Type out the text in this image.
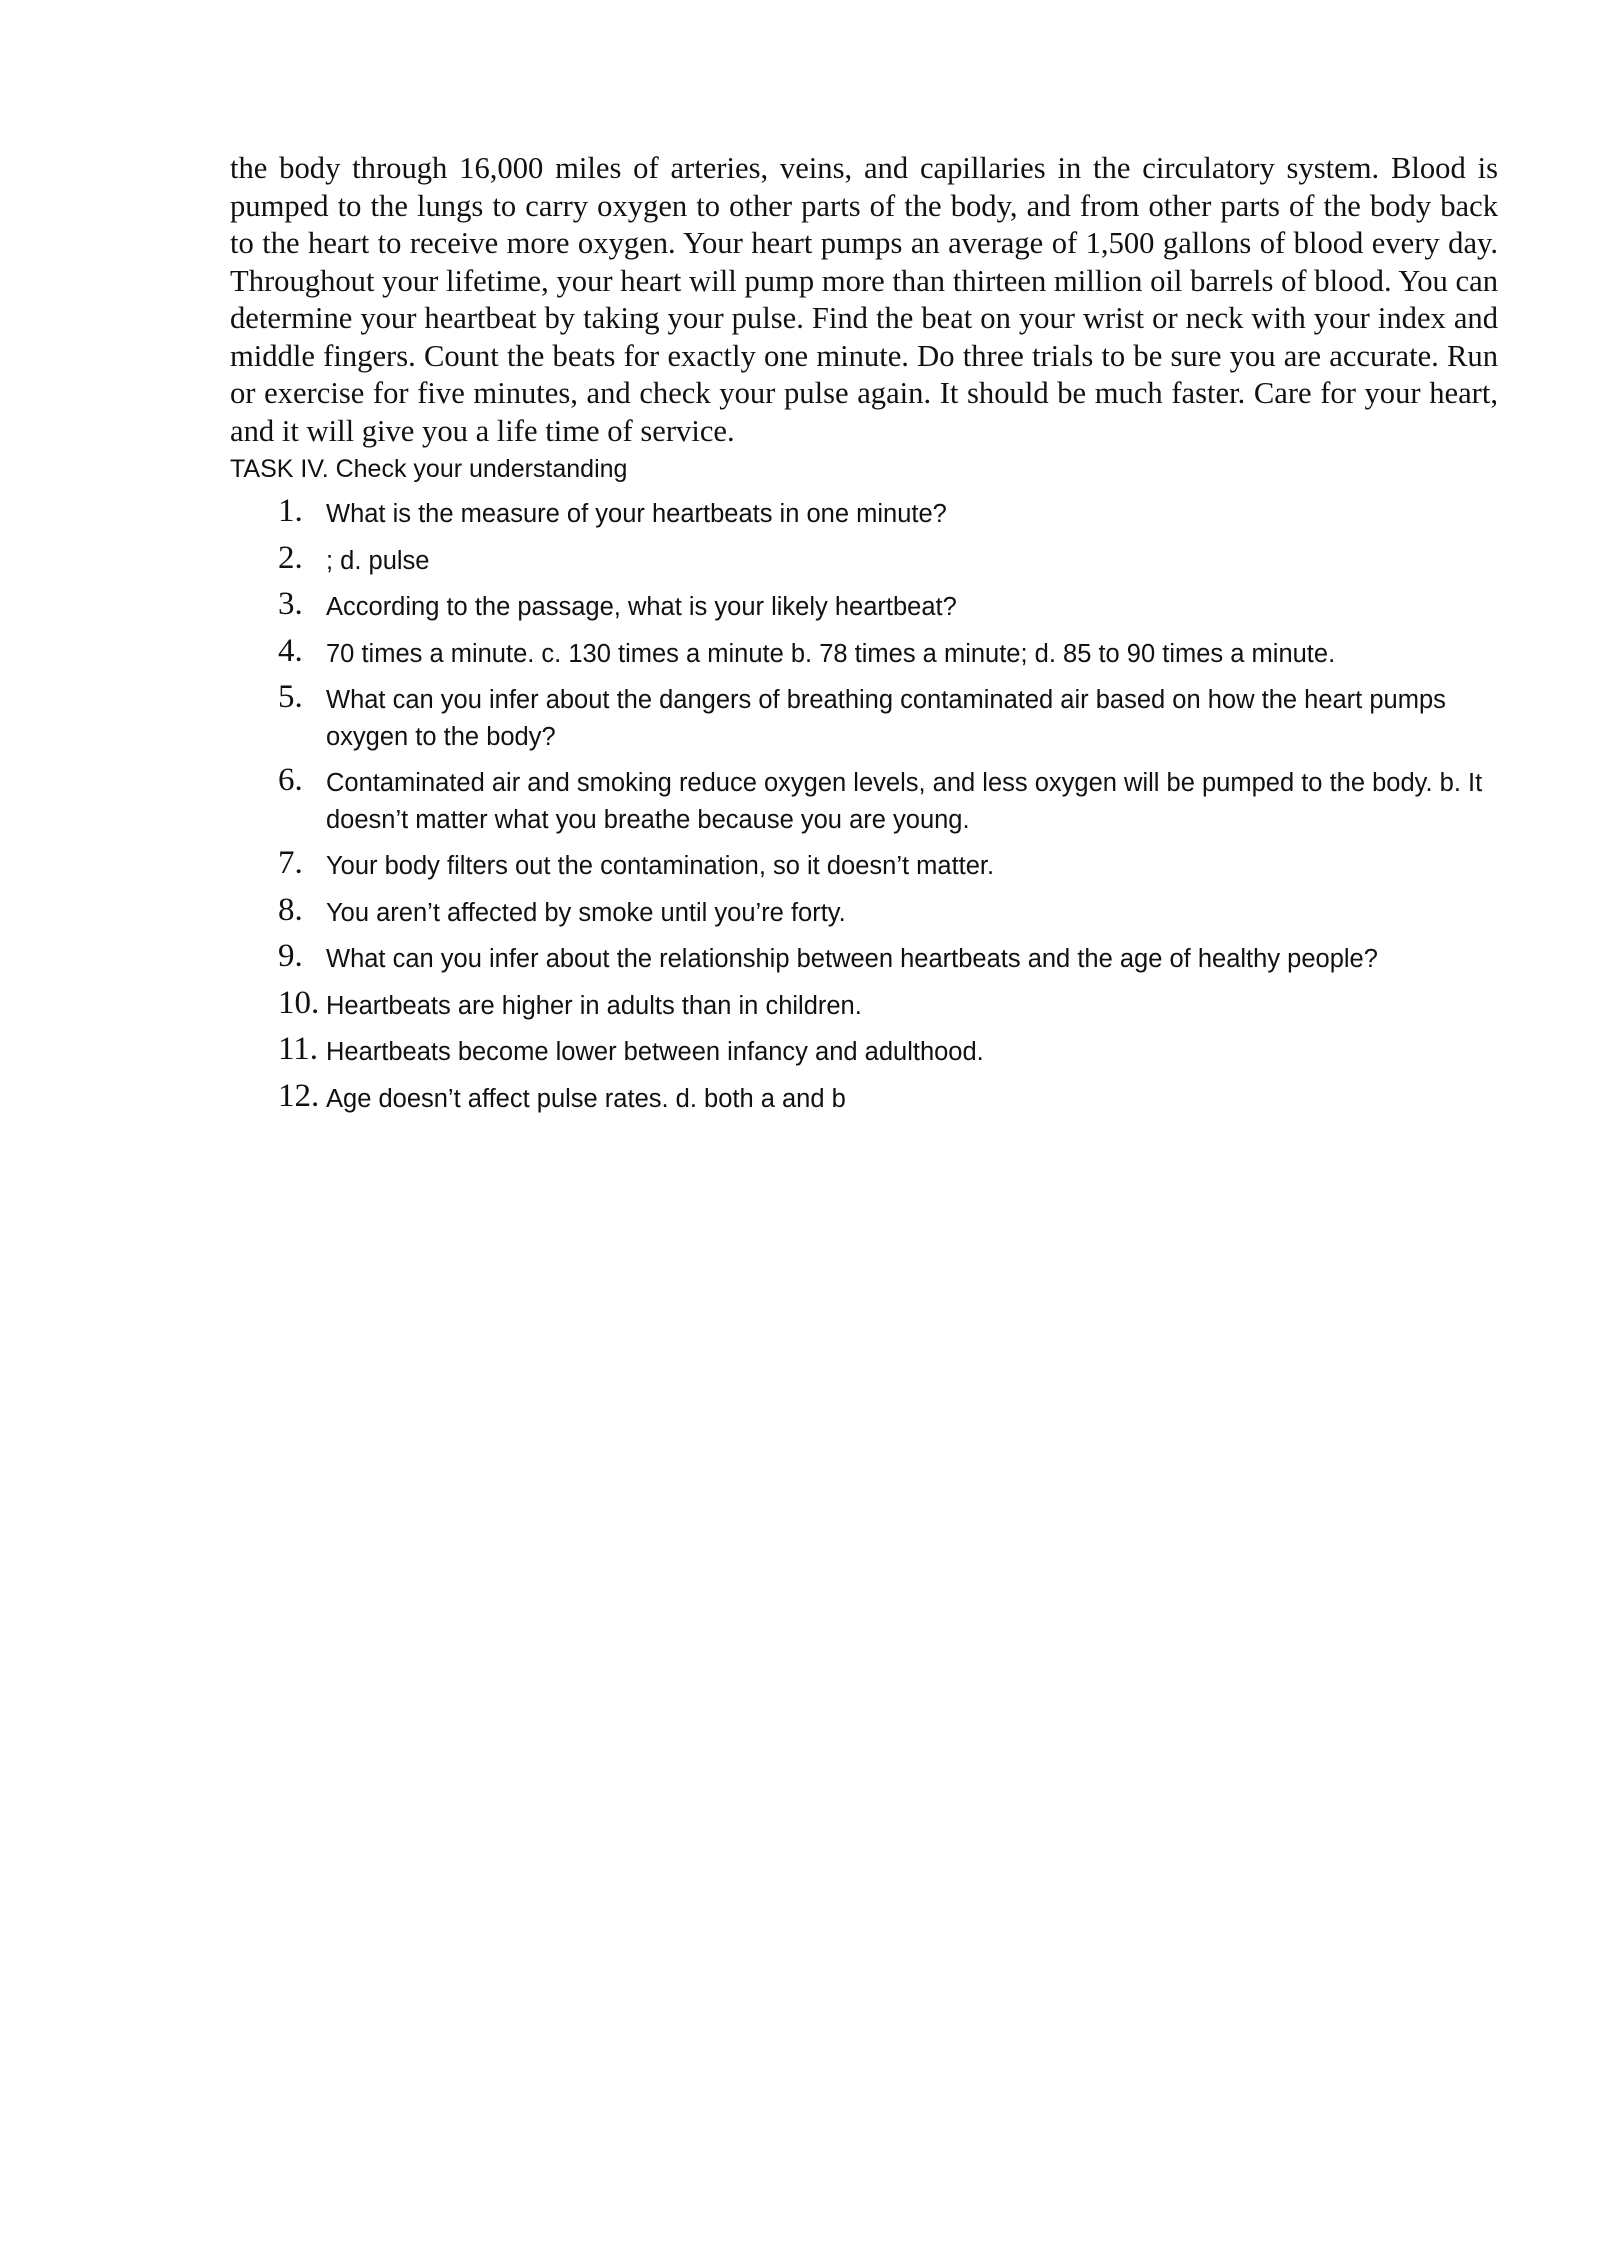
the body through 16,000 miles of arteries, veins, and capillaries in the circulatory system. Blood is pumped to the lungs to carry oxygen to other parts of the body, and from other parts of the body back to the heart to receive more oxygen. Your heart pumps an average of 1,500 gallons of blood every day. Throughout your lifetime, your heart will pump more than thirteen million oil barrels of blood. You can determine your heartbeat by taking your pulse. Find the beat on your wrist or neck with your index and middle fingers. Count the beats for exactly one minute. Do three trials to be sure you are accurate. Run or exercise for five minutes, and check your pulse again. It should be much faster. Care for your heart, and it will give you a life time of service.

TASK IV. Check your understanding
1. What is the measure of your heartbeats in one minute?
2. ; d. pulse
3. According to the passage, what is your likely heartbeat?
4. 70 times a minute. c. 130 times a minute b. 78 times a minute; d. 85 to 90 times a minute.
5. What can you infer about the dangers of breathing contaminated air based on how the heart pumps oxygen to the body?
6. Contaminated air and smoking reduce oxygen levels, and less oxygen will be pumped to the body. b. It doesn’t matter what you breathe because you are young.
7. Your body filters out the contamination, so it doesn’t matter.
8. You aren’t affected by smoke until you’re forty.
9. What can you infer about the relationship between heartbeats and the age of healthy people?
10. Heartbeats are higher in adults than in children.
11. Heartbeats become lower between infancy and adulthood.
12. Age doesn’t affect pulse rates. d. both a and b
